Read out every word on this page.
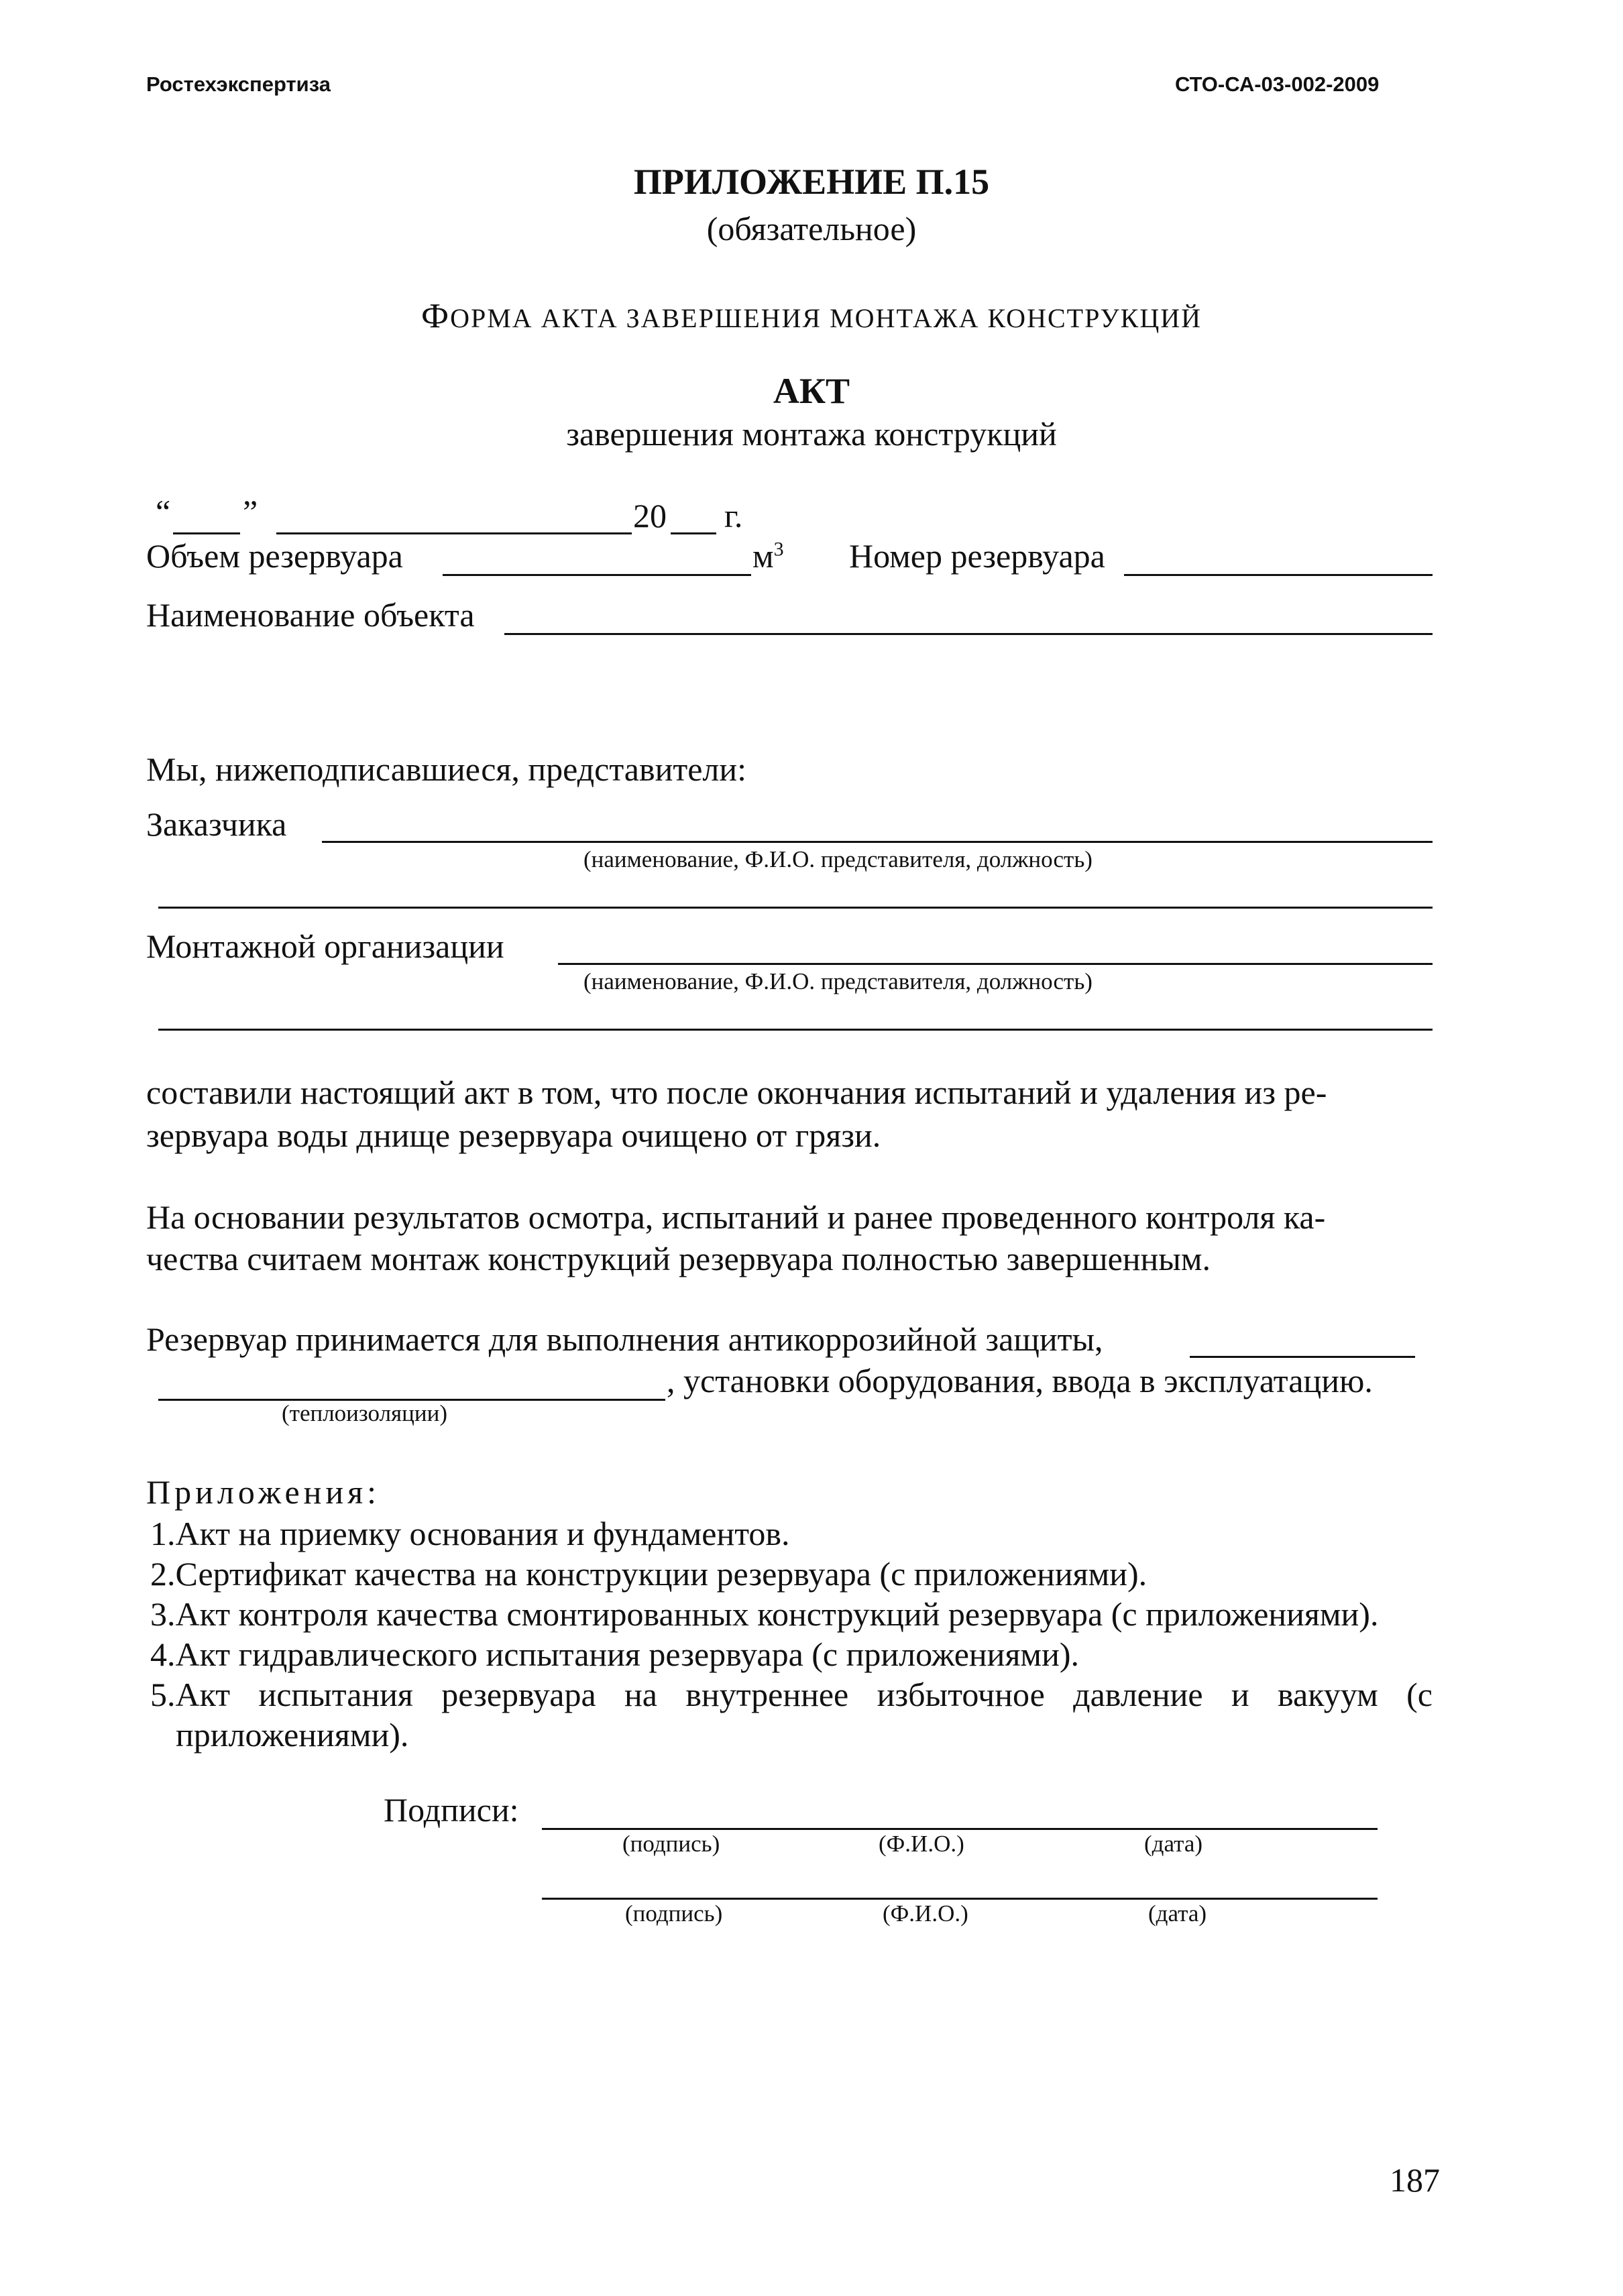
Ростехэкспертиза	СТО-СА-03-002-2009
ПРИЛОЖЕНИЕ П.15
(обязательное)
ФОРМА АКТА ЗАВЕРШЕНИЯ МОНТАЖА КОНСТРУКЦИЙ
АКТ
завершения монтажа конструкций
“ ”	20 г.
Объем резервуара	$м^3$ Номер резервуара
Наименование объекта
Мы, нижеподписавшиеся, представители:
Заказчика
(наименование, Ф.И.О. представителя, должность)
Монтажной организации
(наименование, Ф.И.О. представителя, должность)
составили настоящий акт в том, что после окончания испытаний и удаления из ре-
зервуара воды днище резервуара очищено от грязи.
На основании результатов осмотра, испытаний и ранее проведенного контроля ка-
чества считаем монтаж конструкций резервуара полностью завершенным.
Резервуар принимается для выполнения антикоррозийной защиты,
, установки оборудования, ввода в эксплуатацию.
(теплоизоляции)
Приложения:
1.Акт на приемку основания и фундаментов.
2.Сертификат качества на конструкции резервуара (с приложениями).
3.Акт контроля качества смонтированных конструкций резервуара (с приложениями).
4.Акт гидравлического испытания резервуара (с приложениями).
5.Акт испытания резервуара на внутреннее избыточное давление и вакуум (с
приложениями).
Подписи:
(подпись)	(Ф.И.О.)	(дата)
(подпись)	(Ф.И.О.)	(дата)
187
